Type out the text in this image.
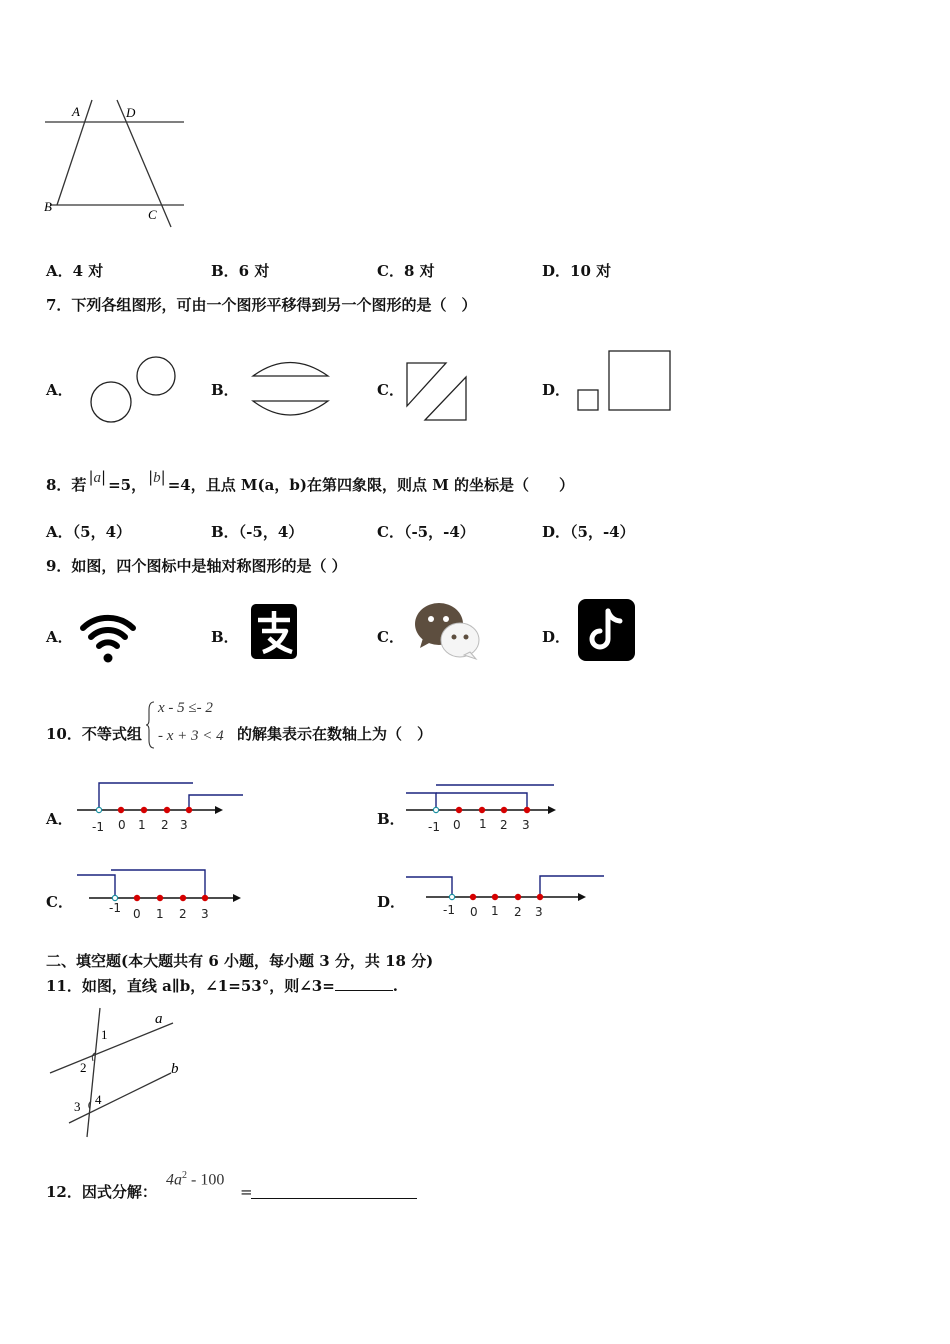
A	D
B
C
A．4 对	B．6 对	C．8 对	D．10 对
7．下列各组图形，可由一个图形平移得到另一个图形的是（　）
A．	B．	C．	D．
8．若 |a| =5， |b| =4，且点 M(a，b)在第四象限，则点 M 的坐标是（　　）
A．（5，4）	B．（-5，4）	C．（-5，-4）	D．（5，-4）
9．如图，四个图标中是轴对称图形的是（ ）
A．	B．	C．	D．
10．不等式组
x - 5 ≤- 2
- x + 3 < 4 的解集表示在数轴上为（　）
A． -1 0 1 2 3	B． -1 0 1 2 3
C．	-1 0 1 2 3
D．	-1 0 1 2 3
二、填空题(本大题共有 6 小题，每小题 3 分，共 18 分)
11．如图，直线 a∥b，∠1=53°，则∠3=	.
a
b
1
2
3 4
12．因式分解：
$4a^2 - 100$
=
